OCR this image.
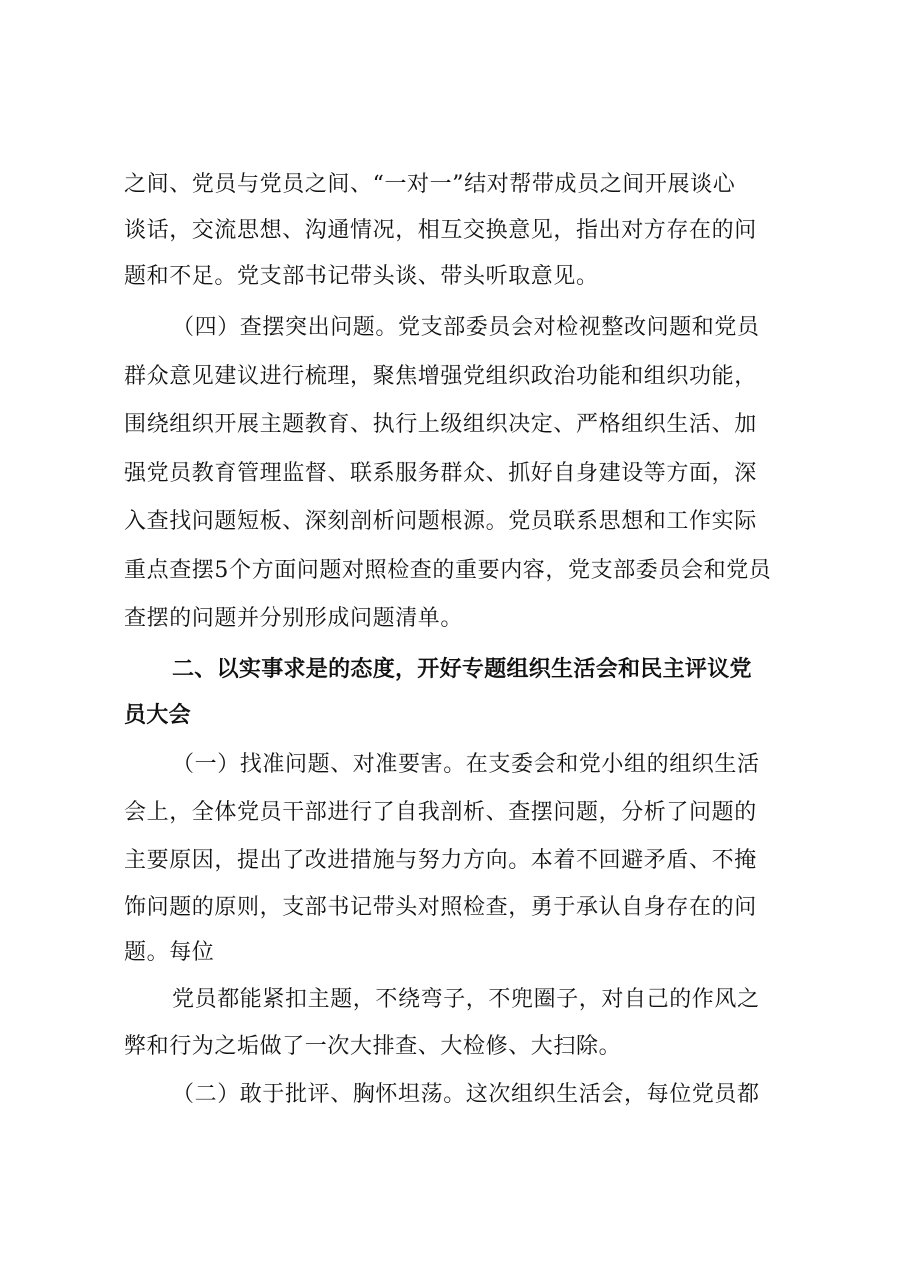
之间、党员与党员之间、“一对一”结对帮带成员之间开展谈心
谈话，交流思想、沟通情况，相互交换意见，指出对方存在的问
题和不足。党支部书记带头谈、带头听取意见。
（四）查摆突出问题。党支部委员会对检视整改问题和党员
群众意见建议进行梳理，聚焦增强党组织政治功能和组织功能，
围绕组织开展主题教育、执行上级组织决定、严格组织生活、加
强党员教育管理监督、联系服务群众、抓好自身建设等方面，深
入查找问题短板、深刻剖析问题根源。党员联系思想和工作实际
重点查摆5个方面问题对照检查的重要内容，党支部委员会和党员
查摆的问题并分别形成问题清单。
二、以实事求是的态度，开好专题组织生活会和民主评议党
员大会
（一）找准问题、对准要害。在支委会和党小组的组织生活
会上，全体党员干部进行了自我剖析、查摆问题，分析了问题的
主要原因，提出了改进措施与努力方向。本着不回避矛盾、不掩
饰问题的原则，支部书记带头对照检查，勇于承认自身存在的问
题。每位
党员都能紧扣主题，不绕弯子，不兜圈子，对自己的作风之
弊和行为之垢做了一次大排查、大检修、大扫除。
（二）敢于批评、胸怀坦荡。这次组织生活会，每位党员都
